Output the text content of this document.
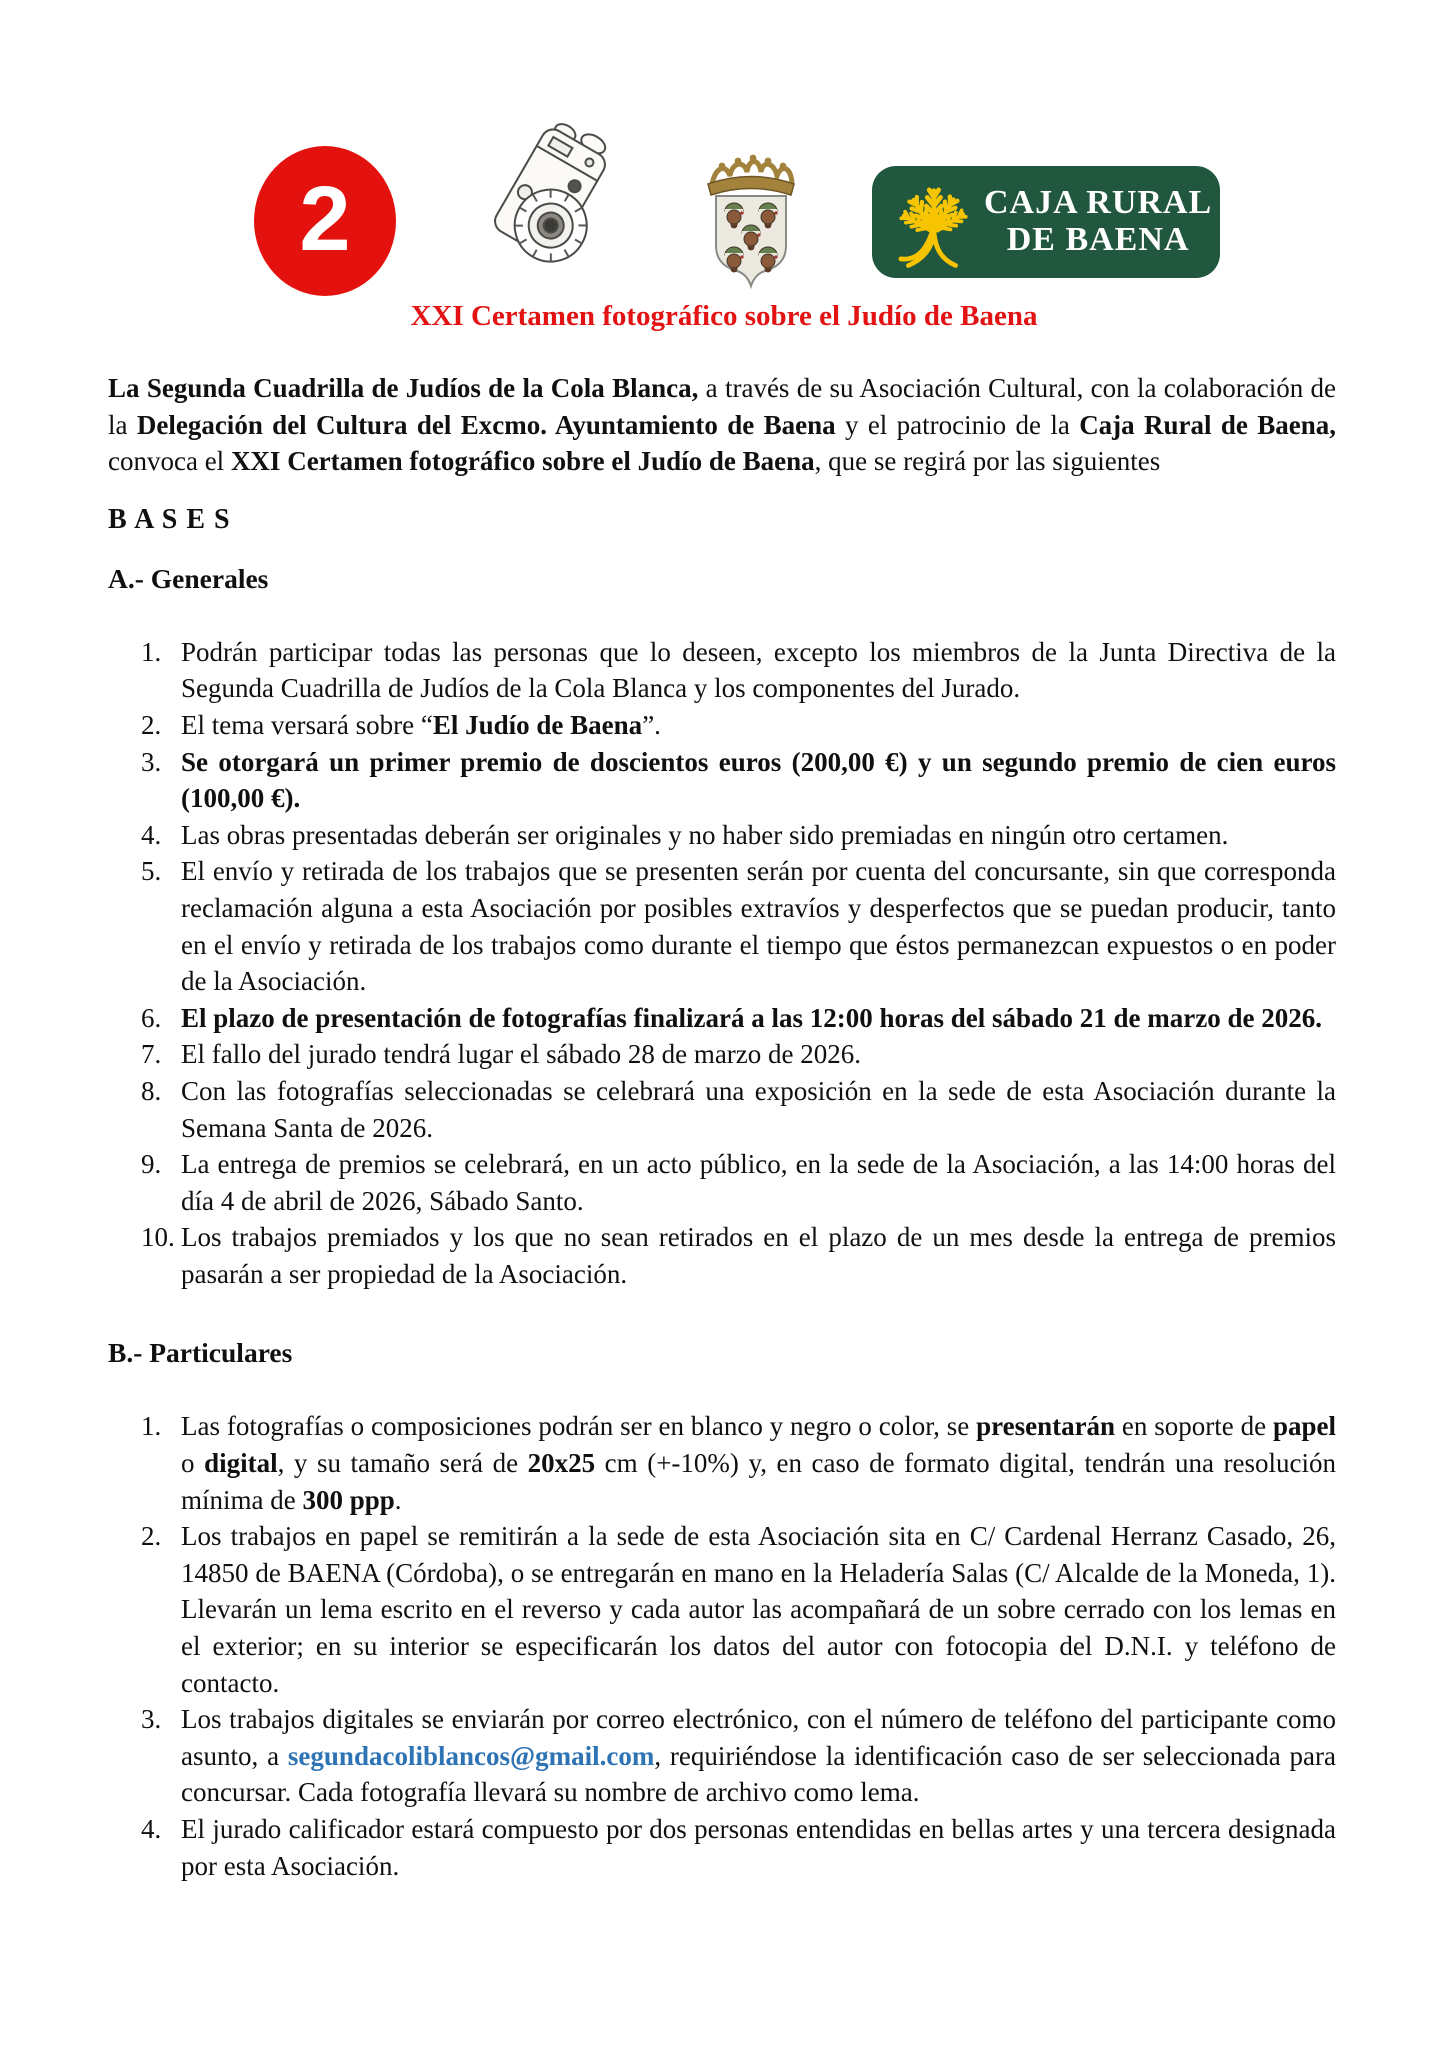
2	CAJA RURAL
DE BAENA
XXI Certamen fotográfico sobre el Judío de Baena

La Segunda Cuadrilla de Judíos de la Cola Blanca, a través de su Asociación Cultural, con la colaboración de la Delegación del Cultura del Excmo. Ayuntamiento de Baena y el patrocinio de la Caja Rural de Baena, convoca el XXI Certamen fotográfico sobre el Judío de Baena, que se regirá por las siguientes

B A S E S

A.- Generales

1. Podrán participar todas las personas que lo deseen, excepto los miembros de la Junta Directiva de la Segunda Cuadrilla de Judíos de la Cola Blanca y los componentes del Jurado.
2. El tema versará sobre “El Judío de Baena”.
3. Se otorgará un primer premio de doscientos euros (200,00 €) y un segundo premio de cien euros (100,00 €).
4. Las obras presentadas deberán ser originales y no haber sido premiadas en ningún otro certamen.
5. El envío y retirada de los trabajos que se presenten serán por cuenta del concursante, sin que corresponda reclamación alguna a esta Asociación por posibles extravíos y desperfectos que se puedan producir, tanto en el envío y retirada de los trabajos como durante el tiempo que éstos permanezcan expuestos o en poder de la Asociación.
6. El plazo de presentación de fotografías finalizará a las 12:00 horas del sábado 21 de marzo de 2026.
7. El fallo del jurado tendrá lugar el sábado 28 de marzo de 2026.
8. Con las fotografías seleccionadas se celebrará una exposición en la sede de esta Asociación durante la Semana Santa de 2026.
9. La entrega de premios se celebrará, en un acto público, en la sede de la Asociación, a las 14:00 horas del día 4 de abril de 2026, Sábado Santo.
10. Los trabajos premiados y los que no sean retirados en el plazo de un mes desde la entrega de premios pasarán a ser propiedad de la Asociación.

B.- Particulares

1. Las fotografías o composiciones podrán ser en blanco y negro o color, se presentarán en soporte de papel o digital, y su tamaño será de 20x25 cm (+-10%) y, en caso de formato digital, tendrán una resolución mínima de 300 ppp.
2. Los trabajos en papel se remitirán a la sede de esta Asociación sita en C/ Cardenal Herranz Casado, 26, 14850 de BAENA (Córdoba), o se entregarán en mano en la Heladería Salas (C/ Alcalde de la Moneda, 1). Llevarán un lema escrito en el reverso y cada autor las acompañará de un sobre cerrado con los lemas en el exterior; en su interior se especificarán los datos del autor con fotocopia del D.N.I. y teléfono de contacto.
3. Los trabajos digitales se enviarán por correo electrónico, con el número de teléfono del participante como asunto, a segundacoliblancos@gmail.com, requiriéndose la identificación caso de ser seleccionada para concursar. Cada fotografía llevará su nombre de archivo como lema.
4. El jurado calificador estará compuesto por dos personas entendidas en bellas artes y una tercera designada por esta Asociación.
